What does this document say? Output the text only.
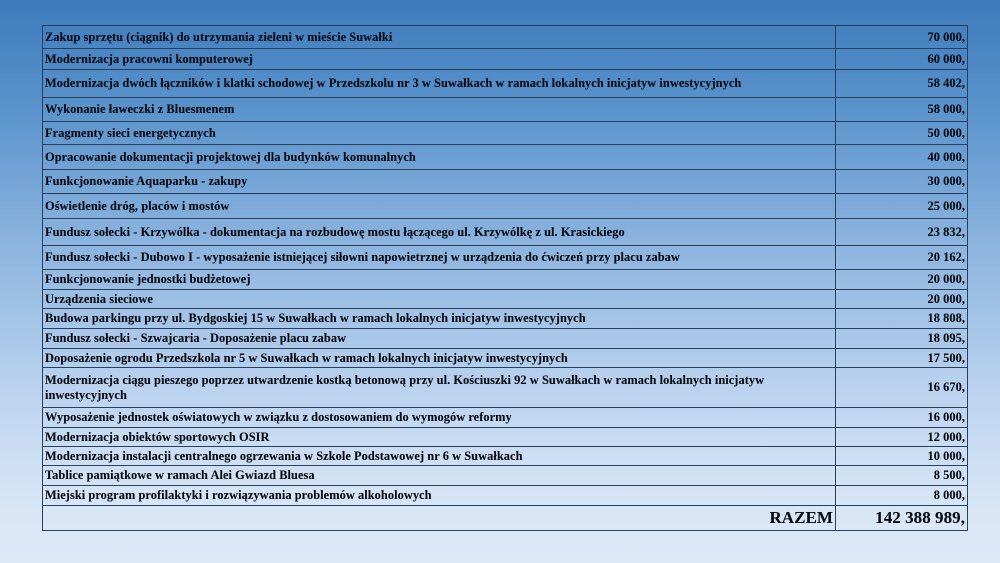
Zakup sprzętu (ciągnik) do utrzymania zieleni w mieście Suwałki	70 000,
Modernizacja pracowni komputerowej	60 000,
Modernizacja dwóch łączników i klatki schodowej w Przedszkolu nr 3 w Suwałkach w ramach lokalnych inicjatyw inwestycyjnych	58 402,
Wykonanie ławeczki z Bluesmenem	58 000,
Fragmenty sieci energetycznych	50 000,
Opracowanie dokumentacji projektowej dla budynków komunalnych	40 000,
Funkcjonowanie Aquaparku - zakupy	30 000,
Oświetlenie dróg, placów i mostów	25 000,
Fundusz sołecki - Krzywólka - dokumentacja na rozbudowę mostu łączącego ul. Krzywólkę z ul. Krasickiego	23 832,
Fundusz sołecki - Dubowo I - wyposażenie istniejącej siłowni napowietrznej w urządzenia do ćwiczeń przy placu zabaw	20 162,
Funkcjonowanie jednostki budżetowej	20 000,
Urządzenia sieciowe	20 000,
Budowa parkingu przy ul. Bydgoskiej 15 w Suwałkach w ramach lokalnych inicjatyw inwestycyjnych	18 808,
Fundusz sołecki - Szwajcaria - Doposażenie placu zabaw	18 095,
Doposażenie ogrodu Przedszkola nr 5 w Suwałkach w ramach lokalnych inicjatyw inwestycyjnych	17 500,
Modernizacja ciągu pieszego poprzez utwardzenie kostką betonową przy ul. Kościuszki 92 w Suwałkach w ramach lokalnych inicjatyw inwestycyjnych	16 670,
Wyposażenie jednostek oświatowych w związku z dostosowaniem do wymogów reformy	16 000,
Modernizacja obiektów sportowych OSIR	12 000,
Modernizacja instalacji centralnego ogrzewania w Szkole Podstawowej nr 6 w Suwałkach	10 000,
Tablice pamiątkowe w ramach Alei Gwiazd Bluesa	8 500,
Miejski program profilaktyki i rozwiązywania problemów alkoholowych	8 000,
RAZEM	142 388 989,
